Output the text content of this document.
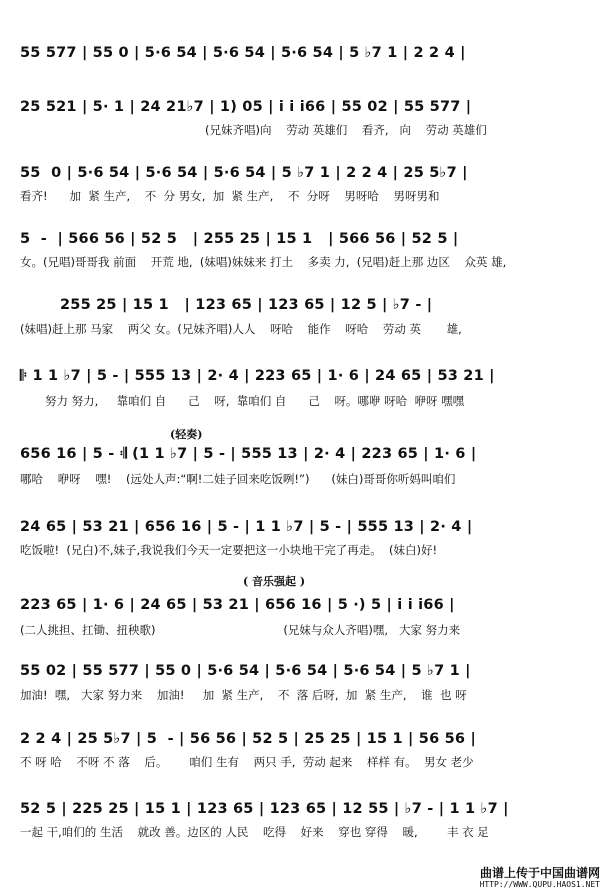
55 577 | 55 0 | 5·6 54 | 5·6 54 | 5·6 54 | 5 ♭7 1 | 2 2 4 |
25 521 | 5· 1 | 24 21♭7 | 1) 05 | i i i66 | 55 02 | 55 577 |
(兄妹齐唱)向    劳动 英雄们    看齐,   向    劳动 英雄们
55  0 | 5·6 54 | 5·6 54 | 5·6 54 | 5 ♭7 1 | 2 2 4 | 25 5♭7 |
看齐!      加  紧 生产,    不  分 男女,  加  紧 生产,    不  分呀    男呀哈    男呀男和
5  -  | 566 56 | 52 5   | 255 25 | 15 1   | 566 56 | 52 5 |
女。(兄唱)哥哥我 前面    开荒 地,  (妹唱)妹妹来 打土    多卖 力,  (兄唱)赶上那 边区    众英 雄,
255 25 | 15 1   | 123 65 | 123 65 | 12 5 | ♭7 - |
(妹唱)赶上那 马家    两父 女。(兄妹齐唱)人人    呀哈    能作    呀哈    劳动 英       雄,
𝄆 1 1 ♭7 | 5 - | 555 13 | 2· 4 | 223 65 | 1· 6 | 24 65 | 53 21 |
努力 努力,     靠咱们 自      己    呀,  靠咱们 自      己    呀。哪咿 呀哈  咿呀 嘿嘿
(轻奏)
656 16 | 5 - 𝄇 (1 1 ♭7 | 5 - | 555 13 | 2· 4 | 223 65 | 1· 6 |
哪哈    咿呀    嘿!    (远处人声:“啊!二娃子回来吃饭咧!”)      (妹白)哥哥你听妈叫咱们
24 65 | 53 21 | 656 16 | 5 - | 1 1 ♭7 | 5 - | 555 13 | 2· 4 |
吃饭啦!  (兄白)不,妹子,我说我们今天一定要把这一小块地干完了再走。  (妹白)好!
( 音乐强起 )
223 65 | 1· 6 | 24 65 | 53 21 | 656 16 | 5 ·) 5 | i i i66 |
(二人挑担、扛锄、扭秧歌)                                   (兄妹与众人齐唱)嘿,   大家 努力来
55 02 | 55 577 | 55 0 | 5·6 54 | 5·6 54 | 5·6 54 | 5 ♭7 1 |
加油!  嘿,   大家 努力来    加油!     加  紧 生产,    不  落 后呀,  加  紧 生产,    谁  也 呀
2 2 4 | 25 5♭7 | 5  - | 56 56 | 52 5 | 25 25 | 15 1 | 56 56 |
不 呀 哈    不呀 不 落    后。      咱们 生有    两只 手,  劳动 起来    样样 有。  男女 老少
52 5 | 225 25 | 15 1 | 123 65 | 123 65 | 12 55 | ♭7 - | 1 1 ♭7 |
一起 干,咱们的 生活    就改 善。边区的 人民    吃得    好来    穿也 穿得    暖,        丰 衣 足
曲谱上传于中国曲谱网
HTTP://WWW.QUPU.HAOS1.NET
